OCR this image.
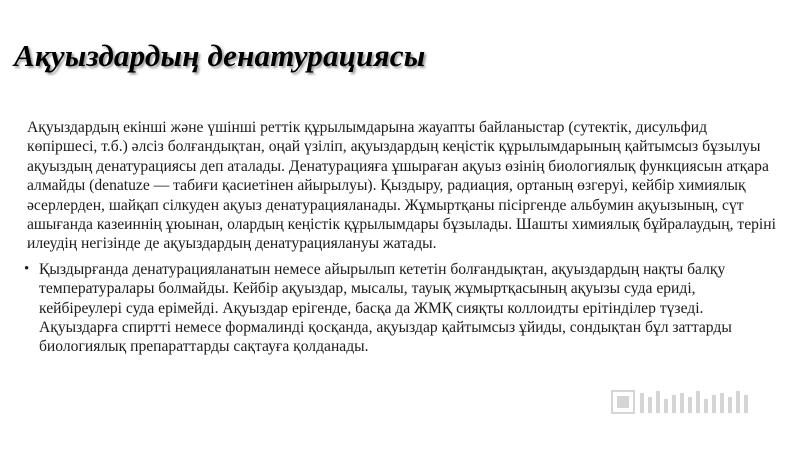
Ақуыздардың денатурациясы

Ақуыздардың екінші және үшінші реттік құрылымдарына жауапты байланыстар (сутектік, дисульфид көпіршесі, т.б.) әлсіз болғандықтан, оңай үзіліп, ақуыздардың кеңістік құрылымдарының қайтымсыз бұзылуы ақуыздың денатурациясы деп аталады. Денатурацияға ұшыраған ақуыз өзінің биологиялық функциясын атқара алмайды (denatuze — табиғи қасиетінен айырылуы). Қыздыру, радиация, ортаның өзгеруі, кейбір химиялық әсерлерден, шайқап сілкуден ақуыз денатурацияланады. Жұмыртқаны пісіргенде альбумин ақуызының, сүт ашығанда казеиннің ұюынан, олардың кеңістік құрылымдары бұзылады. Шашты химиялық бұйралаудың, теріні илеудің негізінде де ақуыздардың денатурациялануы жатады.

• Қыздырғанда денатурацияланатын немесе айырылып кететін болғандықтан, ақуыздардың нақты балқу температуралары болмайды. Кейбір ақуыздар, мысалы, тауық жұмыртқасының ақуызы суда ериді, кейбіреулері суда ерімейді. Ақуыздар ерігенде, басқа да ЖМҚ сияқты коллоидты ерітінділер түзеді. Ақуыздарға спиртті немесе формалинді қосқанда, ақуыздар қайтымсыз ұйиды, сондықтан бұл заттарды биологиялық препараттарды сақтауға қолданады.
